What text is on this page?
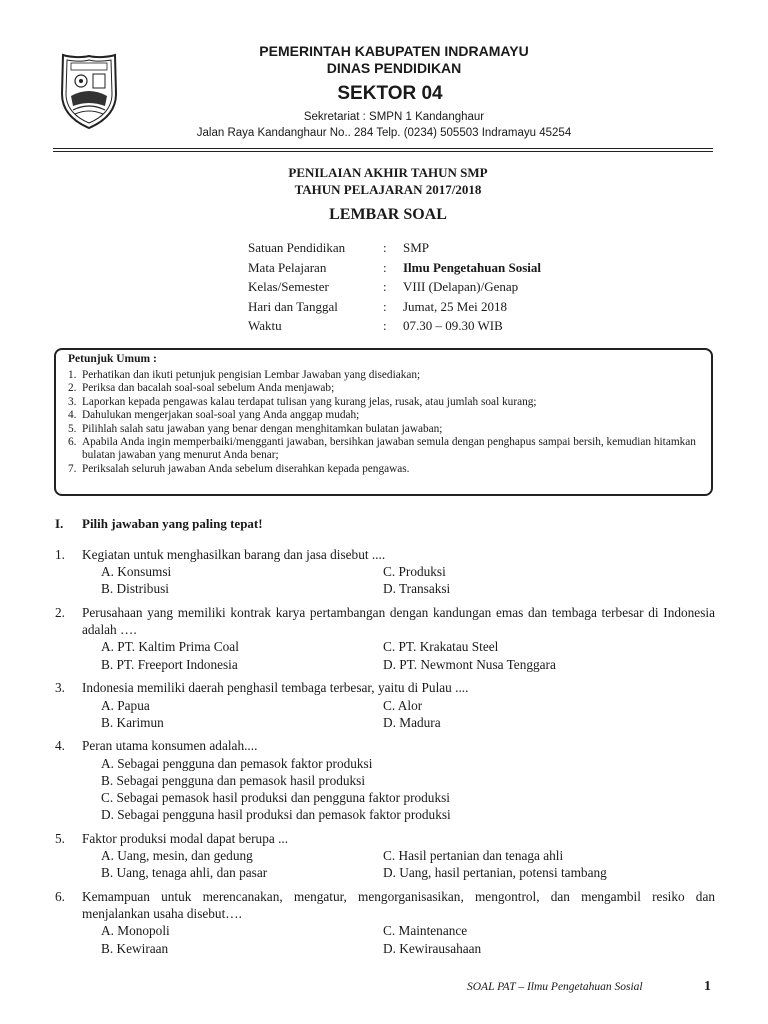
PEMERINTAH KABUPATEN INDRAMAYU
DINAS PENDIDIKAN
SEKTOR 04
Sekretariat : SMPN 1 Kandanghaur
Jalan Raya Kandanghaur No.. 284 Telp. (0234) 505503 Indramayu 45254
PENILAIAN AKHIR TAHUN SMP
TAHUN PELAJARAN 2017/2018
LEMBAR SOAL
Satuan Pendidikan	: SMP
Mata Pelajaran	: Ilmu Pengetahuan Sosial
Kelas/Semester	: VIII (Delapan)/Genap
Hari dan Tanggal	: Jumat, 25 Mei 2018
Waktu	: 07.30 – 09.30 WIB
Petunjuk Umum :
1. Perhatikan dan ikuti petunjuk pengisian Lembar Jawaban yang disediakan;
2. Periksa dan bacalah soal-soal sebelum Anda menjawab;
3. Laporkan kepada pengawas kalau terdapat tulisan yang kurang jelas, rusak, atau jumlah soal kurang;
4. Dahulukan mengerjakan soal-soal yang Anda anggap mudah;
5. Pilihlah salah satu jawaban yang benar dengan menghitamkan bulatan jawaban;
6. Apabila Anda ingin memperbaiki/mengganti jawaban, bersihkan jawaban semula dengan penghapus sampai bersih, kemudian hitamkan bulatan jawaban yang menurut Anda benar;
7. Periksalah seluruh jawaban Anda sebelum diserahkan kepada pengawas.
I. Pilih jawaban yang paling tepat!
1. Kegiatan untuk menghasilkan barang dan jasa disebut ....
A. Konsumsi	C. Produksi
B. Distribusi	D. Transaksi
2. Perusahaan yang memiliki kontrak karya pertambangan dengan kandungan emas dan tembaga terbesar di Indonesia adalah ….
A. PT. Kaltim Prima Coal	C. PT. Krakatau Steel
B. PT. Freeport Indonesia	D. PT. Newmont Nusa Tenggara
3. Indonesia memiliki daerah penghasil tembaga terbesar, yaitu di Pulau ....
A. Papua	C. Alor
B. Karimun	D. Madura
4. Peran utama konsumen adalah....
A. Sebagai pengguna dan pemasok faktor produksi
B. Sebagai pengguna dan pemasok hasil produksi
C. Sebagai pemasok hasil produksi dan pengguna faktor produksi
D. Sebagai pengguna hasil produksi dan pemasok faktor produksi
5. Faktor produksi modal dapat berupa ...
A. Uang, mesin, dan gedung	C. Hasil pertanian dan tenaga ahli
B. Uang, tenaga ahli, dan pasar	D. Uang, hasil pertanian, potensi tambang
6. Kemampuan untuk merencanakan, mengatur, mengorganisasikan, mengontrol, dan mengambil resiko dan menjalankan usaha disebut….
A. Monopoli	C. Maintenance
B. Kewiraan	D. Kewirausahaan
SOAL PAT – Ilmu Pengetahuan Sosial	1
